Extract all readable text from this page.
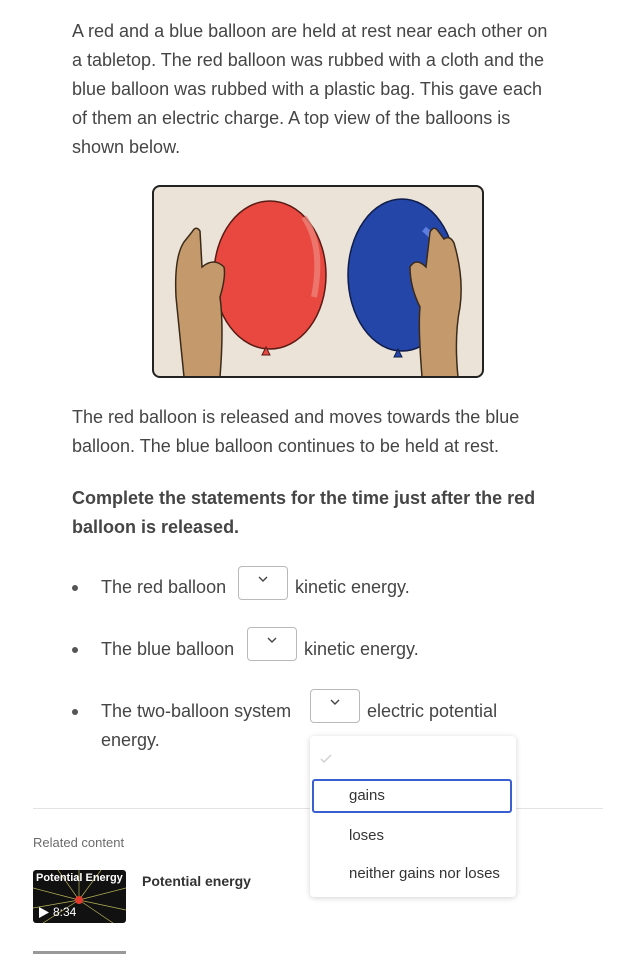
A red and a blue balloon are held at rest near each other on a tabletop. The red balloon was rubbed with a cloth and the blue balloon was rubbed with a plastic bag. This gave each of them an electric charge. A top view of the balloons is shown below.
The red balloon is released and moves towards the blue balloon. The blue balloon continues to be held at rest.
Complete the statements for the time just after the red balloon is released.
The red balloon	kinetic energy.
The blue balloon	kinetic energy.
The two-balloon system	electric potential
energy.
Related content
Potential Energy
8:34
Potential energy
gains
loses
neither gains nor loses
